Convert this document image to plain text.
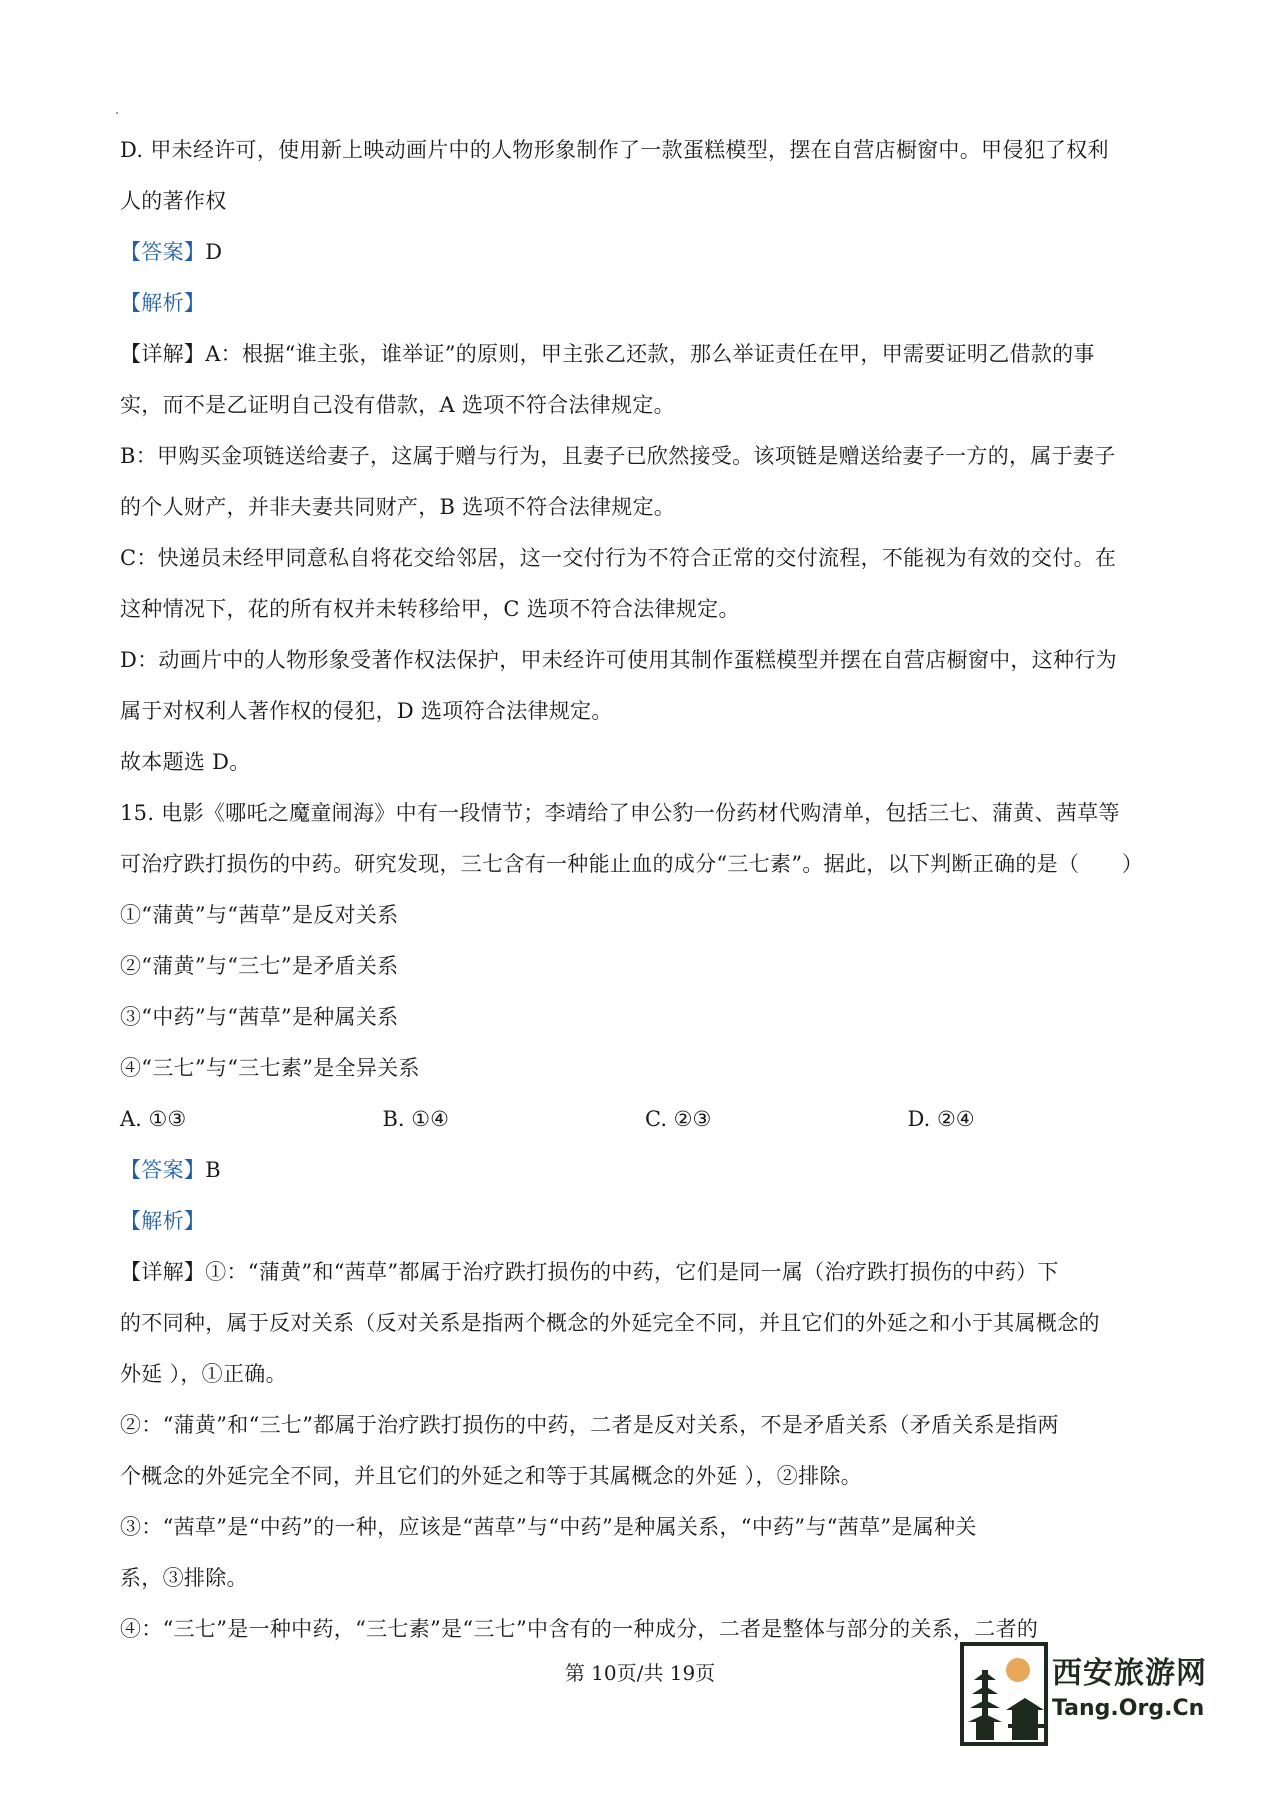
D. 甲未经许可，使用新上映动画片中的人物形象制作了一款蛋糕模型，摆在自营店橱窗中。甲侵犯了权利

人的著作权

【答案】D

【解析】

【详解】A：根据“谁主张，谁举证”的原则，甲主张乙还款，那么举证责任在甲，甲需要证明乙借款的事

实，而不是乙证明自己没有借款，A 选项不符合法律规定。

B：甲购买金项链送给妻子，这属于赠与行为，且妻子已欣然接受。该项链是赠送给妻子一方的，属于妻子

的个人财产，并非夫妻共同财产，B 选项不符合法律规定。

C：快递员未经甲同意私自将花交给邻居，这一交付行为不符合正常的交付流程，不能视为有效的交付。在

这种情况下，花的所有权并未转移给甲，C 选项不符合法律规定。

D：动画片中的人物形象受著作权法保护，甲未经许可使用其制作蛋糕模型并摆在自营店橱窗中，这种行为

属于对权利人著作权的侵犯，D 选项符合法律规定。

故本题选 D。

15. 电影《哪吒之魔童闹海》中有一段情节；李靖给了申公豹一份药材代购清单，包括三七、蒲黄、茜草等

可治疗跌打损伤的中药。研究发现，三七含有一种能止血的成分“三七素”。据此，以下判断正确的是（　　）

①“蒲黄”与“茜草”是反对关系

②“蒲黄”与“三七”是矛盾关系

③“中药”与“茜草”是种属关系

④“三七”与“三七素”是全异关系

A. ①③	B. ①④	C. ②③	D. ②④

【答案】B

【解析】

【详解】①：“蒲黄”和“茜草”都属于治疗跌打损伤的中药，它们是同一属（治疗跌打损伤的中药）下

的不同种，属于反对关系（反对关系是指两个概念的外延完全不同，并且它们的外延之和小于其属概念的

外延 ），①正确。

②：“蒲黄”和“三七”都属于治疗跌打损伤的中药，二者是反对关系，不是矛盾关系（矛盾关系是指两

个概念的外延完全不同，并且它们的外延之和等于其属概念的外延 ），②排除。

③：“茜草”是“中药”的一种，应该是“茜草”与“中药”是种属关系，“中药”与“茜草”是属种关

系，③排除。

④：“三七”是一种中药，“三七素”是“三七”中含有的一种成分，二者是整体与部分的关系，二者的

第 10页/共 19页	西安旅游网
Tang.Org.Cn
